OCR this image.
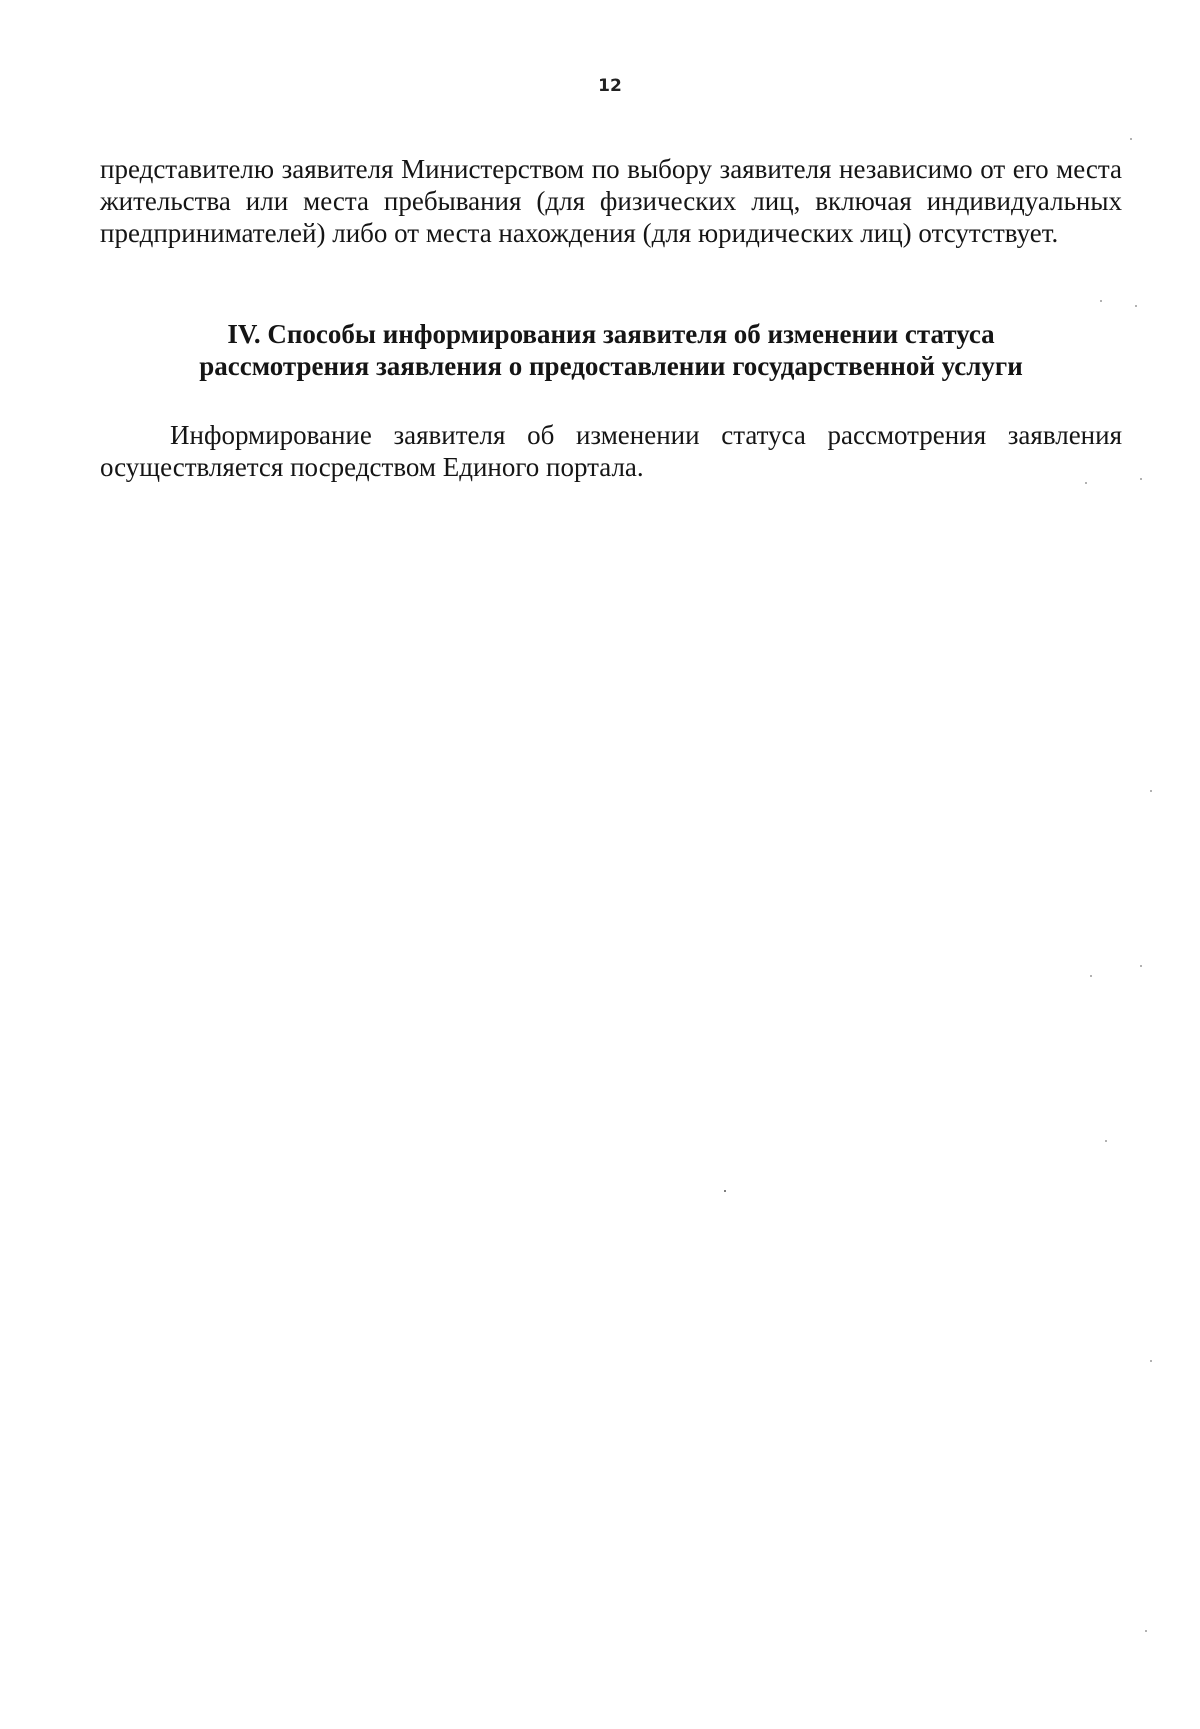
12

представителю заявителя Министерством по выбору заявителя независимо от его места жительства или места пребывания (для физических лиц, включая индивидуальных предпринимателей) либо от места нахождения (для юридических лиц) отсутствует.

IV. Способы информирования заявителя об изменении статуса
рассмотрения заявления о предоставлении государственной услуги

Информирование заявителя об изменении статуса рассмотрения заявления осуществляется посредством Единого портала.
